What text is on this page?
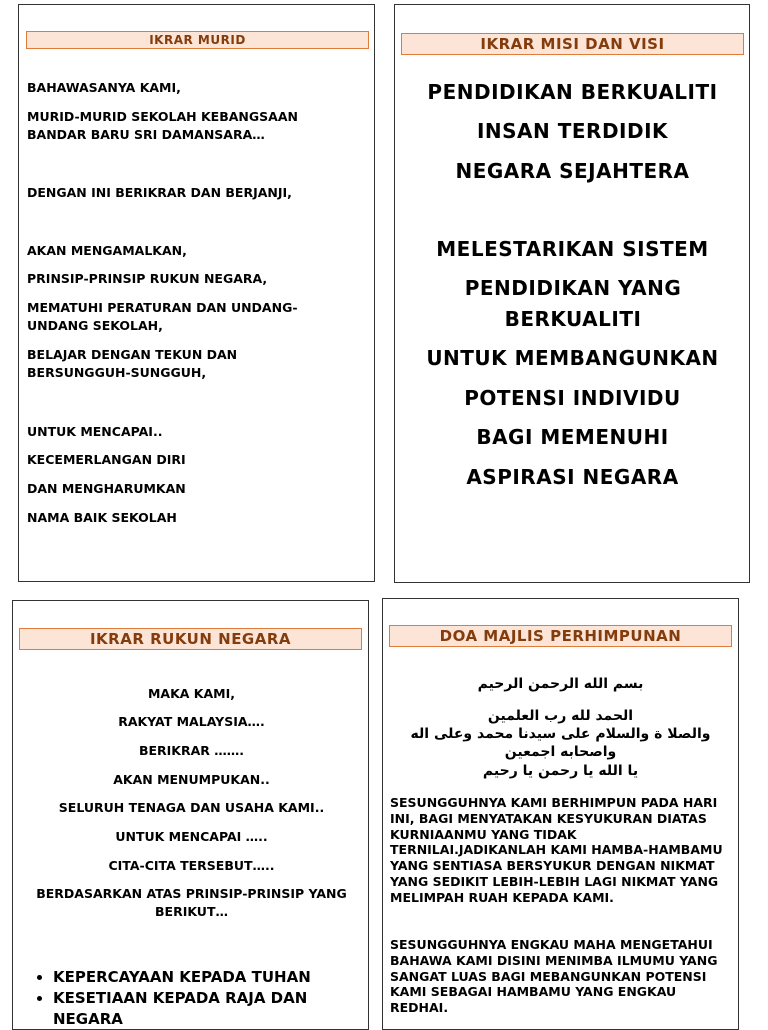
IKRAR MURID
BAHAWASANYA KAMI,
MURID-MURID SEKOLAH KEBANGSAAN BANDAR BARU SRI DAMANSARA…
DENGAN INI BERIKRAR DAN BERJANJI,
AKAN MENGAMALKAN,
PRINSIP-PRINSIP RUKUN NEGARA,
MEMATUHI PERATURAN DAN UNDANG-UNDANG SEKOLAH,
BELAJAR DENGAN TEKUN DAN BERSUNGGUH-SUNGGUH,
UNTUK MENCAPAI..
KECEMERLANGAN DIRI
DAN MENGHARUMKAN
NAMA BAIK SEKOLAH
IKRAR MISI DAN VISI
PENDIDIKAN BERKUALITI
INSAN TERDIDIK
NEGARA SEJAHTERA
MELESTARIKAN SISTEM
PENDIDIKAN YANG BERKUALITI
UNTUK MEMBANGUNKAN
POTENSI INDIVIDU
BAGI MEMENUHI
ASPIRASI NEGARA
IKRAR RUKUN NEGARA
MAKA KAMI,
RAKYAT MALAYSIA….
BERIKRAR …….
AKAN MENUMPUKAN..
SELURUH TENAGA DAN USAHA KAMI..
UNTUK MENCAPAI …..
CITA-CITA TERSEBUT…..
BERDASARKAN ATAS PRINSIP-PRINSIP YANG BERIKUT…
• KEPERCAYAAN KEPADA TUHAN
• KESETIAAN KEPADA RAJA DAN NEGARA
DOA MAJLIS PERHIMPUNAN
بسم الله الرحمن الرحيم
الحمد لله رب العلمين
والصلا ة والسلام على سيدنا محمد وعلى اله واصحابه اجمعين
يا الله يا رحمن يا رحيم

SESUNGGUHNYA KAMI BERHIMPUN PADA HARI INI, BAGI MENYATAKAN KESYUKURAN DIATAS KURNIAANMU YANG TIDAK TERNILAI.JADIKANLAH KAMI HAMBA-HAMBAMU YANG SENTIASA BERSYUKUR DENGAN NIKMAT YANG SEDIKIT LEBIH-LEBIH LAGI NIKMAT YANG MELIMPAH RUAH KEPADA KAMI.

SESUNGGUHNYA ENGKAU MAHA MENGETAHUI BAHAWA KAMI DISINI MENIMBA ILMUMU YANG SANGAT LUAS BAGI MEBANGUNKAN POTENSI KAMI SEBAGAI HAMBAMU YANG ENGKAU REDHAI.
